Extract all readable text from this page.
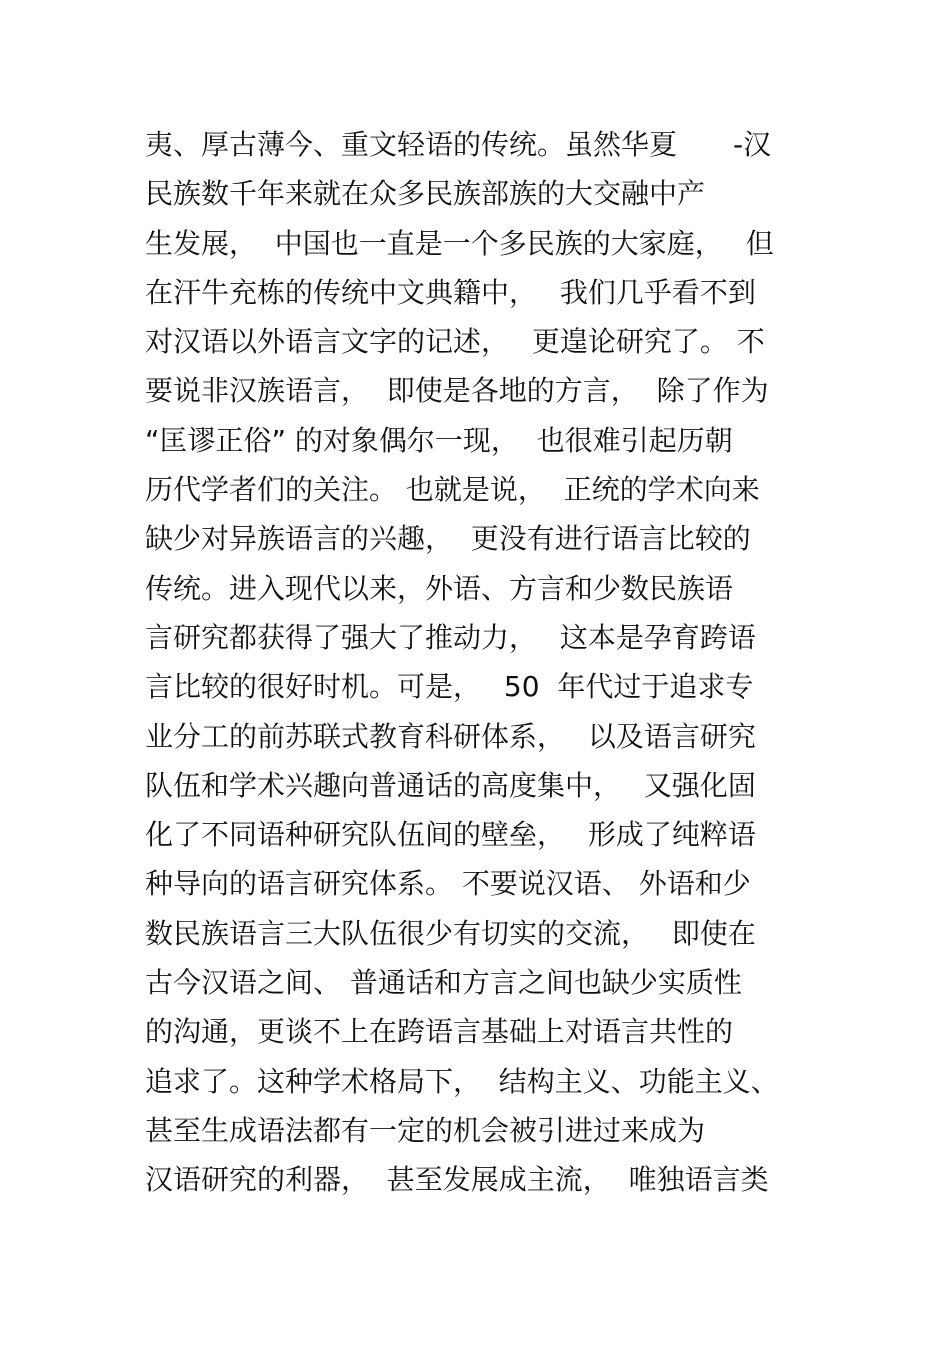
夷、厚古薄今、重文轻语的传统。虽然华夏　　-汉
民族数千年来就在众多民族部族的大交融中产
生发展，  中国也一直是一个多民族的大家庭，　 但
在汗牛充栋的传统中文典籍中，　 我们几乎看不到
对汉语以外语言文字的记述，　 更遑论研究了。 不
要说非汉族语言，  即使是各地的方言，  除了作为
“匡谬正俗” 的对象偶尔一现，  也很难引起历朝
历代学者们的关注。 也就是说，  正统的学术向来
缺少对异族语言的兴趣，  更没有进行语言比较的
传统。进入现代以来，外语、方言和少数民族语
言研究都获得了强大了推动力，　 这本是孕育跨语
言比较的很好时机。可是，　 50  年代过于追求专
业分工的前苏联式教育科研体系，　 以及语言研究
队伍和学术兴趣向普通话的高度集中，　 又强化固
化了不同语种研究队伍间的壁垒，　 形成了纯粹语
种导向的语言研究体系。 不要说汉语、 外语和少
数民族语言三大队伍很少有切实的交流，　 即使在
古今汉语之间、 普通话和方言之间也缺少实质性
的沟通，更谈不上在跨语言基础上对语言共性的
追求了。这种学术格局下，  结构主义、功能主义、
甚至生成语法都有一定的机会被引进过来成为
汉语研究的利器，  甚至发展成主流，  唯独语言类
